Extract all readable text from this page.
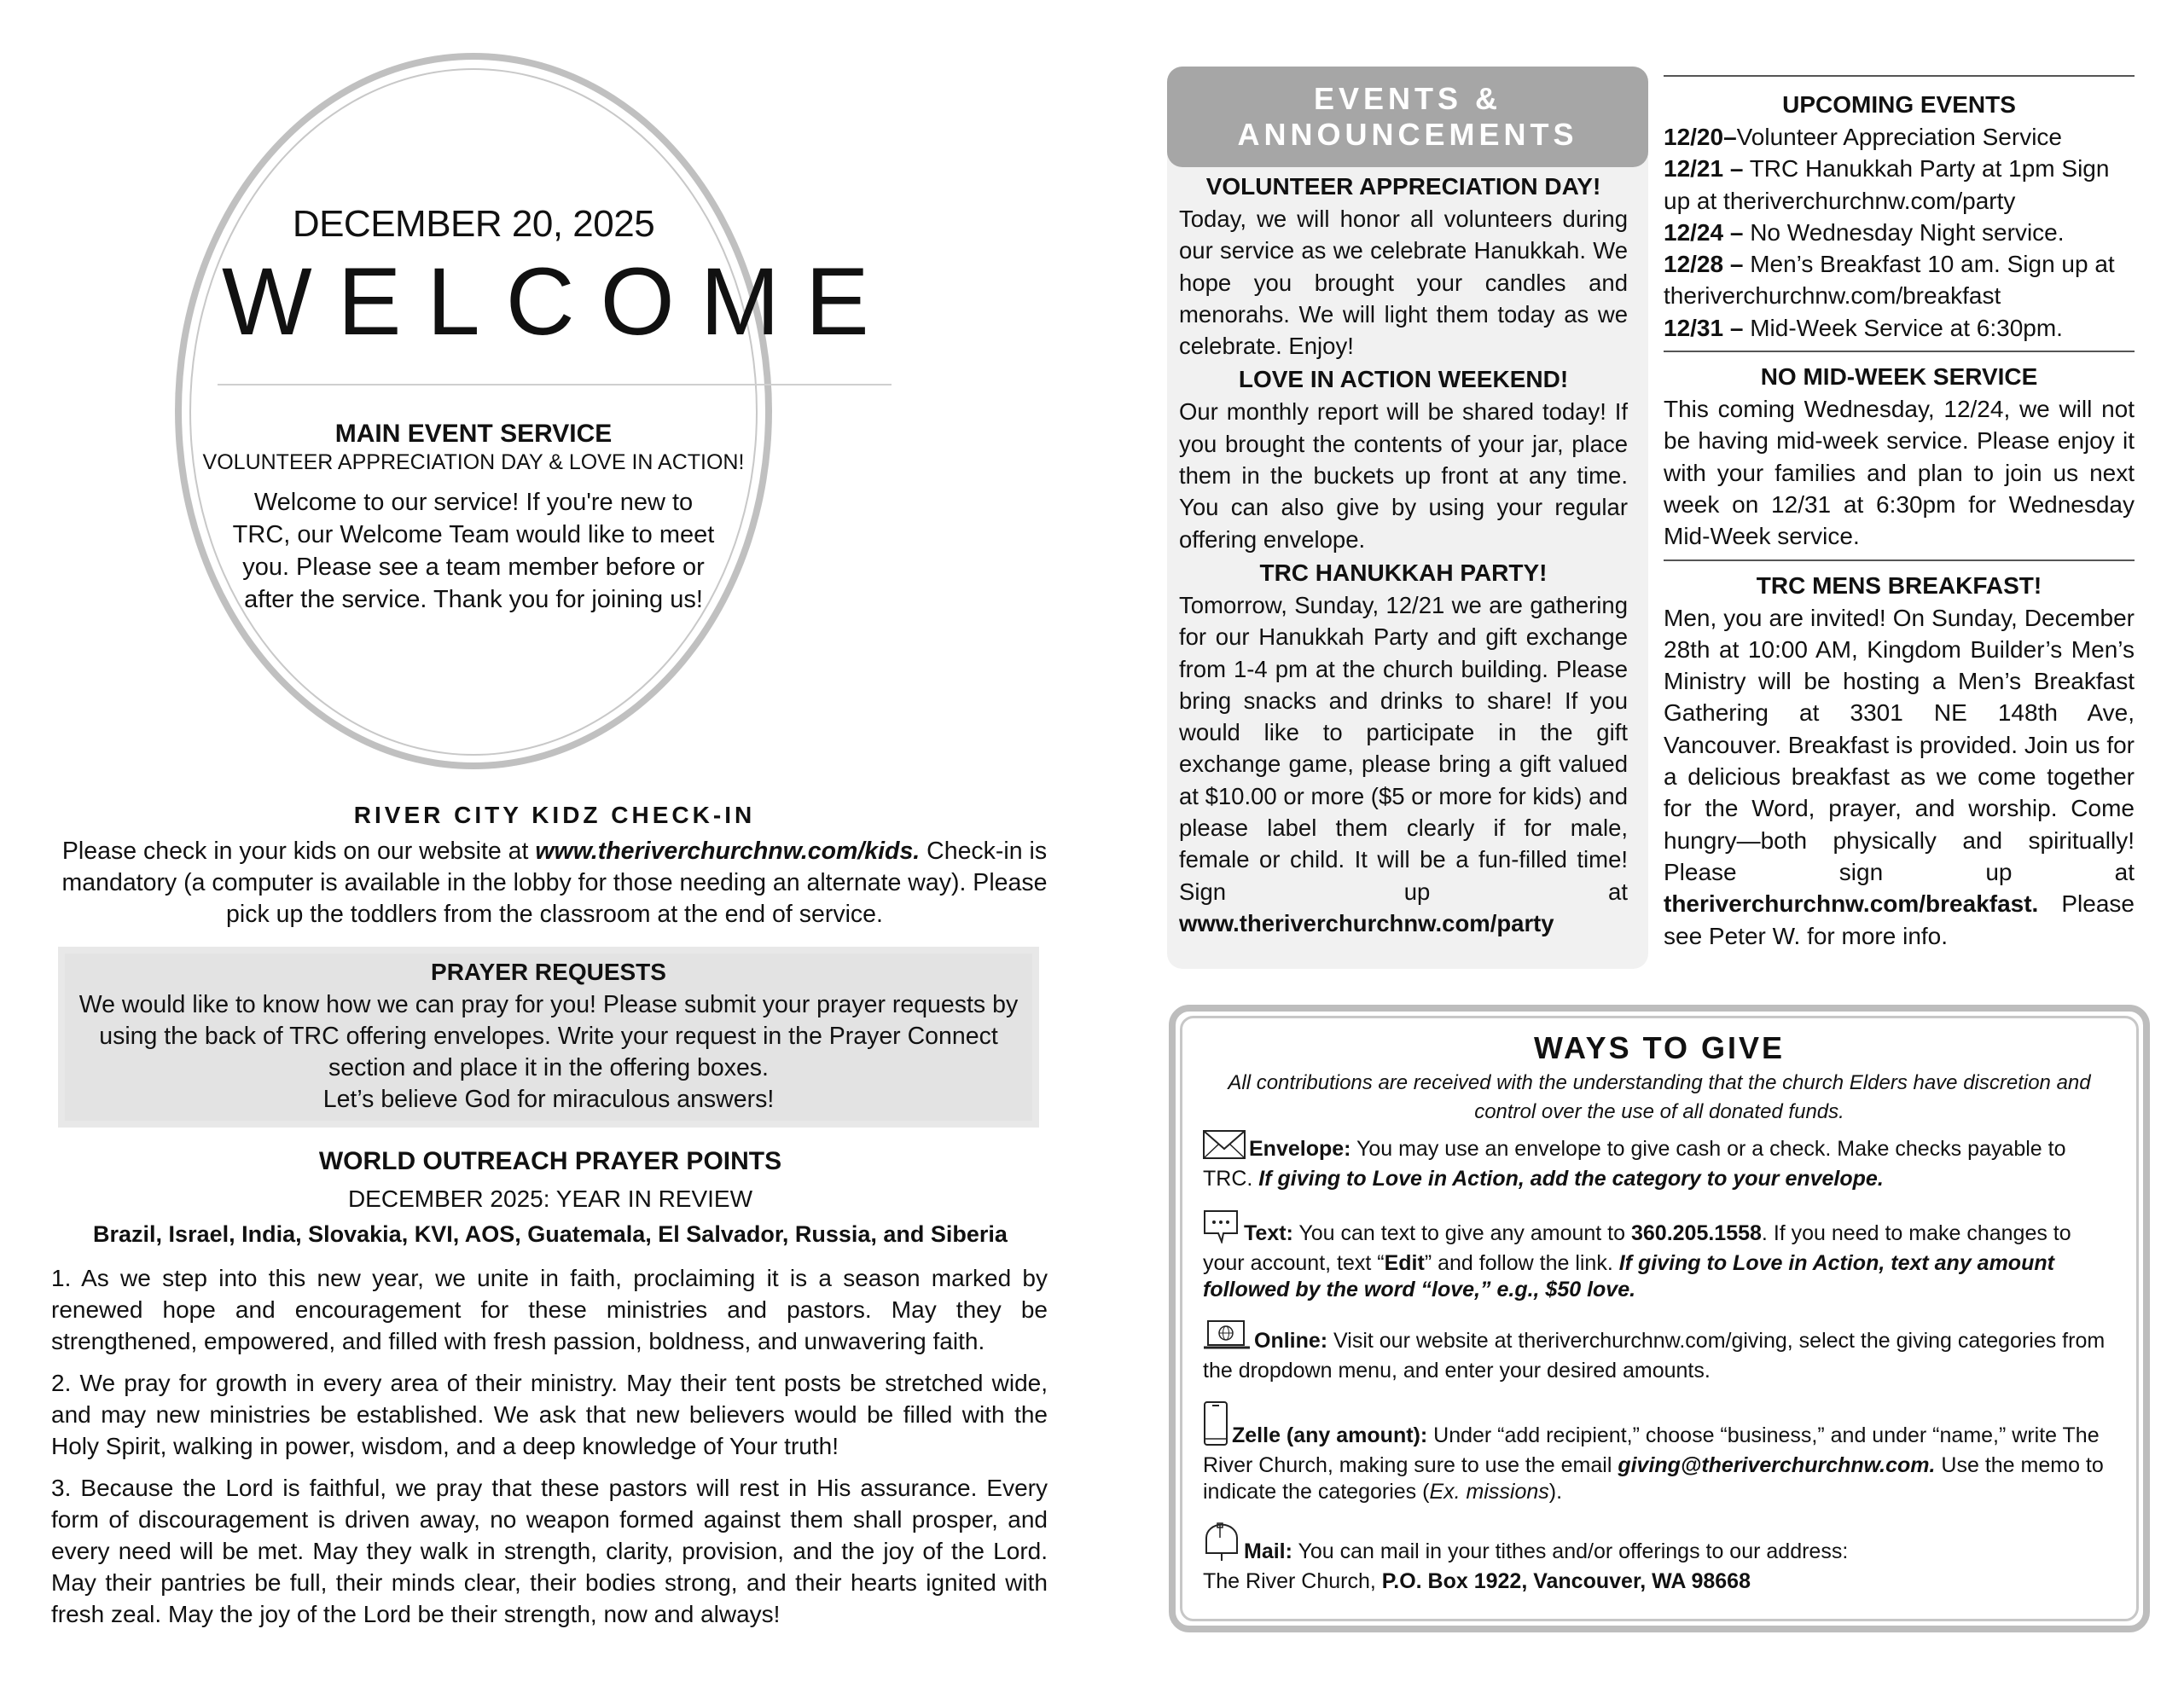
DECEMBER 20, 2025
WELCOME
MAIN EVENT SERVICE
VOLUNTEER APPRECIATION DAY & LOVE IN ACTION!
Welcome to our service! If you're new to TRC, our Welcome Team would like to meet you. Please see a team member before or after the service. Thank you for joining us!
RIVER CITY KIDZ CHECK-IN
Please check in your kids on our website at www.theriverchurchnw.com/kids. Check-in is mandatory (a computer is available in the lobby for those needing an alternate way). Please pick up the toddlers from the classroom at the end of service.
PRAYER REQUESTS
We would like to know how we can pray for you! Please submit your prayer requests by using the back of TRC offering envelopes. Write your request in the Prayer Connect section and place it in the offering boxes.
Let’s believe God for miraculous answers!
WORLD OUTREACH PRAYER POINTS
DECEMBER 2025: YEAR IN REVIEW
Brazil, Israel, India, Slovakia, KVI, AOS, Guatemala, El Salvador, Russia, and Siberia

1. As we step into this new year, we unite in faith, proclaiming it is a season marked by renewed hope and encouragement for these ministries and pastors. May they be strengthened, empowered, and filled with fresh passion, boldness, and unwavering faith.

2. We pray for growth in every area of their ministry. May their tent posts be stretched wide, and may new ministries be established. We ask that new believers would be filled with the Holy Spirit, walking in power, wisdom, and a deep knowledge of Your truth!

3. Because the Lord is faithful, we pray that these pastors will rest in His assurance. Every form of discouragement is driven away, no weapon formed against them shall prosper, and every need will be met. May they walk in strength, clarity, provision, and the joy of the Lord. May their pantries be full, their minds clear, their bodies strong, and their hearts ignited with fresh zeal. May the joy of the Lord be their strength, now and always!

EVENTS &
ANNOUNCEMENTS
VOLUNTEER APPRECIATION DAY!
Today, we will honor all volunteers during our service as we celebrate Hanukkah. We hope you brought your candles and menorahs. We will light them today as we celebrate. Enjoy!
LOVE IN ACTION WEEKEND!
Our monthly report will be shared today! If you brought the contents of your jar, place them in the buckets up front at any time. You can also give by using your regular offering envelope.
TRC HANUKKAH PARTY!
Tomorrow, Sunday, 12/21 we are gathering for our Hanukkah Party and gift exchange from 1-4 pm at the church building. Please bring snacks and drinks to share! If you would like to participate in the gift exchange game, please bring a gift valued at $10.00 or more ($5 or more for kids) and please label them clearly if for male, female or child. It will be a fun-filled time! Sign up at www.theriverchurchnw.com/party
UPCOMING EVENTS
12/20–Volunteer Appreciation Service
12/21 – TRC Hanukkah Party at 1pm Sign up at theriverchurchnw.com/party
12/24 – No Wednesday Night service.
12/28 – Men’s Breakfast 10 am. Sign up at theriverchurchnw.com/breakfast
12/31 – Mid-Week Service at 6:30pm.
NO MID-WEEK SERVICE
This coming Wednesday, 12/24, we will not be having mid-week service. Please enjoy it with your families and plan to join us next week on 12/31 at 6:30pm for Wednesday Mid-Week service.
TRC MENS BREAKFAST!
Men, you are invited! On Sunday, December 28th at 10:00 AM, Kingdom Builder’s Men’s Ministry will be hosting a Men’s Breakfast Gathering at 3301 NE 148th Ave, Vancouver. Breakfast is provided. Join us for a delicious breakfast as we come together for the Word, prayer, and worship. Come hungry—both physically and spiritually! Please sign up at theriverchurchnw.com/breakfast. Please see Peter W. for more info.
WAYS TO GIVE
All contributions are received with the understanding that the church Elders have discretion and control over the use of all donated funds.
Envelope: You may use an envelope to give cash or a check. Make checks payable to TRC. If giving to Love in Action, add the category to your envelope.
Text: You can text to give any amount to 360.205.1558. If you need to make changes to your account, text “Edit” and follow the link. If giving to Love in Action, text any amount followed by the word “love,” e.g., $50 love.
Online: Visit our website at theriverchurchnw.com/giving, select the giving categories from the dropdown menu, and enter your desired amounts.
Zelle (any amount): Under “add recipient,” choose “business,” and under “name,” write The River Church, making sure to use the email giving@theriverchurchnw.com. Use the memo to indicate the categories (Ex. missions).
Mail: You can mail in your tithes and/or offerings to our address:
The River Church, P.O. Box 1922, Vancouver, WA 98668
